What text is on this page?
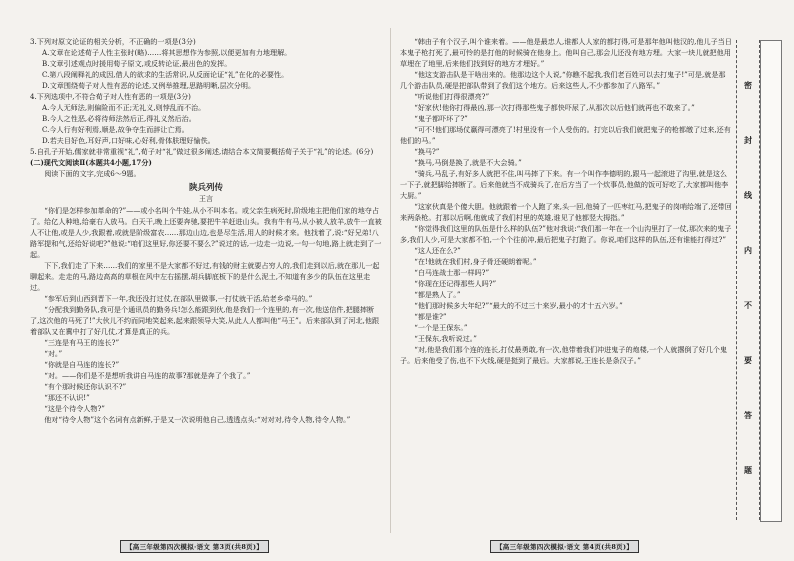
3.下列对原文论证的相关分析，不正确的一项是(3分)

A.文章在论述荀子人性主张时(略)……将其思想作为参照,以便更加有力地理解。

B.文章引述观点时援用荀子原文,或反转论证,最出色的发挥。

C.第八段阐释礼的成因,借人的欲求的生活常识,从反面论证“礼”在化的必要性。

D.文章围绕荀子对人性有恶的论述,又例举推理,思路明晰,层次分明。

4.下列选项中,不符合荀子对人性有恶的一项是(3分)

A.今人无师法,则偏险而不正;无礼义,则悖乱而不治。

B.今人之性恶,必将待师法然后正,得礼义然后治。

C.今人行有好利焉,顺是,故争夺生而辞让亡焉。

D.若夫目好色,耳好声,口好味,心好利,骨体肤理好愉佚。

5.自孔子开始,儒家就非常重视“礼”,荀子对“礼”做过很多阐述,请结合本文简要概括荀子关于“礼”的论述。(6分)

(二)现代文阅读Ⅱ(本题共4小题,17分)

阅读下面的文字,完成6～9题。

陕兵列传

王言

“你们是怎样参加革命的?”——或小名叫个牛娃,从小不叫本名。或父亲生病死时,阶级地主把他们家的地夺占了。给亿人种地,给豪右人放马。白天干,晚上还要奔驰,要把牛羊赶进山头。我有牛有马,从小被人放羊,放牛一直被人不让他,或是人少,我跟着,或就是阶级富农……那边山边,也是尽生活,用人的时候才来。他找着了,说:“好兄弟!八路军提和气,还给好说吧?”他说:“咱们这里好,你还要不要么?”说过的话,一边走一边说,一句一句地,路上就走到了一起。

下下,我们走了下来……我们的家里不是大家都不好过,有钱的财主就要占穷人的,我们走到以后,就在那儿一起聊起来。走走的马,路边高高的草根在风中左右摇摆,胡兵脚底板下的是什么泥土,不知道有多少的队伍在这里走过。

“参军后到山西到晋下一年,我还没打过仗,在部队里做事,一打仗就干活,给老乡牵马的。”

“分配我到勤务队,我可是个通讯员的勤务兵!怎么能跟到伙,他是我们一个连里的,有一次,他送信件,把腿摔断了,这次他的马死了!”大伙儿不约而同地笑起来,起来跟领导大笑,从此人人都叫他“马王”。后来部队到了河北,他跟着部队又在冀中打了好几仗,才算是真正的兵。

“三连是有马王的连长?”

“对。”

“你就是自马连的连长?”

“对。——你们是不是想听我讲自马连的故事?那就是奔了个我了。”

“有个那时候还你认识不?”

“那还不认识!”

“这是个待令人物?”

他对“待令人物”这个名词有点新鲜,于是又一次说明他自己,透透点头:“对对对,待令人物,待令人物。”

“韩由子有个汉子,叫个谁来着。——他是最忠人,谁都人人家的都打得,可是那年他叫他汉的,他儿子当日本鬼子枪打死了,最可怜的是打他的时候骑在他身上。他叫自己,那会儿还没有地方埋。大家一块儿就把他用草埋在了地里,后来他们找到好的地方才埋好。”

“他这支游击队是干啥出来的。他那边这个人说,“你瞧不起我,我们老百姓可以去打鬼子!”可是,就是那几个游击队员,硬是把部队带到了我们这个地方。后来这些人,不少都参加了八路军。”

“听说他们打得很漂亮?”

“好家伙!他你打得最凶,那一次打得那些鬼子都快吓尿了,从那次以后他们就再也不敢来了。”

“鬼子都吓坏了?”

“可不!他们那场仗赢得可漂亮了!村里没有一个人受伤的。打完以后我们就把鬼子的枪都缴了过来,还有他们的马。”

“换马?”

“换马,马倒是换了,就是不大会骑。”

“骑兵,马乱子,有好多人就把不住,叫马摔了下来。有一个叫作李德明的,跟马一起滚进了沟里,就是这么一下子,就把脚给摔断了。后来他就当不成骑兵了,在后方当了一个炊事员,他做的饭可好吃了,大家都叫他李大厨。”

“这家伙真是个傻大胆。他就跟着一个人跑了来,头一回,他骑了一匹枣红马,把鬼子的岗哨给端了,还带回来两条枪。打那以后啊,他就成了我们村里的英雄,谁见了他都竖大拇指。”

“你觉得我们这里的队伍是什么样的队伍?”他对我说:“我们那一年在一个山沟里打了一仗,那次来的鬼子多,我们人少,可是大家都不怕,一个个往前冲,最后把鬼子打跑了。你说,咱们这样的队伍,还有谁能打得过?”

“这人还在么?”

“在!他就在我们村,身子骨还硬朗着呢。”

“白马连战士那一样吗?”

“你现在还记得那些人吗?”

“都是熟人了。”

“他们那时候多大年纪?”“最大的不过三十来岁,最小的才十五六岁。”

“都是谁?”

“一个是王保东。”

“王保东,我听说过。”

“对,他是我们那个连的连长,打仗最勇敢,有一次,他带着我们冲进鬼子的炮楼,一个人就撂倒了好几个鬼子。后来他受了伤,也不下火线,硬是挺到了最后。大家都说,王连长是条汉子。”

密
封
线
内
不
要
答
题
【高三年级第四次模拟·语文 第3页(共8页)】	【高三年级第四次模拟·语文 第4页(共8页)】
